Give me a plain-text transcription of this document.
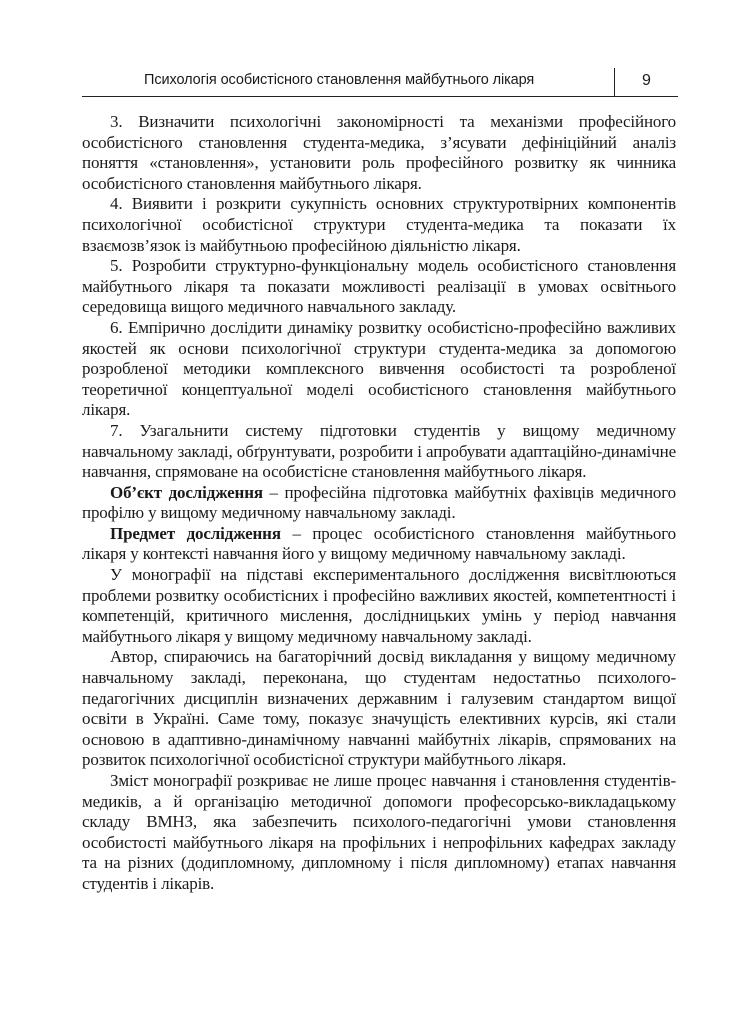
Психологія особистісного становлення майбутнього лікаря	9

3. Визначити психологічні закономірності та механізми професійного особистісного становлення студента-медика, з’ясувати дефініційний аналіз поняття «становлення», установити роль професійного розвитку як чинника особистісного становлення майбутнього лікаря.

4. Виявити і розкрити сукупність основних структуротвірних компонентів психологічної особистісної структури студента-медика та показати їх взаємозв’язок із майбутньою професійною діяльністю лікаря.

5. Розробити структурно-функціональну модель особистісного становлення майбутнього лікаря та показати можливості реалізації в умовах освітнього середовища вищого медичного навчального закладу.

6. Емпірично дослідити динаміку розвитку особистісно-професійно важливих якостей як основи психологічної структури студента-медика за допомогою розробленої методики комплексного вивчення особистості та розробленої теоретичної концептуальної моделі особистісного становлення майбутнього лікаря.

7. Узагальнити систему підготовки студентів у вищому медичному навчальному закладі, обґрунтувати, розробити і апробувати адаптаційно-динамічне навчання, спрямоване на особистісне становлення майбутнього лікаря.

Об’єкт дослідження – професійна підготовка майбутніх фахівців медичного профілю у вищому медичному навчальному закладі.

Предмет дослідження – процес особистісного становлення майбутнього лікаря у контексті навчання його у вищому медичному навчальному закладі.

У монографії на підставі експериментального дослідження висвітлюються проблеми розвитку особистісних і професійно важливих якостей, компетентності і компетенцій, критичного мислення, дослідницьких умінь у період навчання майбутнього лікаря у вищому медичному навчальному закладі.

Автор, спираючись на багаторічний досвід викладання у вищому медичному навчальному закладі, переконана, що студентам недостатньо психолого-педагогічних дисциплін визначених державним і галузевим стандартом вищої освіти в Україні. Саме тому, показує значущість елективних курсів, які стали основою в адаптивно-динамічному навчанні майбутніх лікарів, спрямованих на розвиток психологічної особистісної структури майбутнього лікаря.

Зміст монографії розкриває не лише процес навчання і становлення студентів-медиків, а й організацію методичної допомоги професорсько-викладацькому складу ВМНЗ, яка забезпечить психолого-педагогічні умови становлення особистості майбутнього лікаря на профільних і непрофільних кафедрах закладу та на різних (додипломному, дипломному і після дипломному) етапах навчання студентів і лікарів.
